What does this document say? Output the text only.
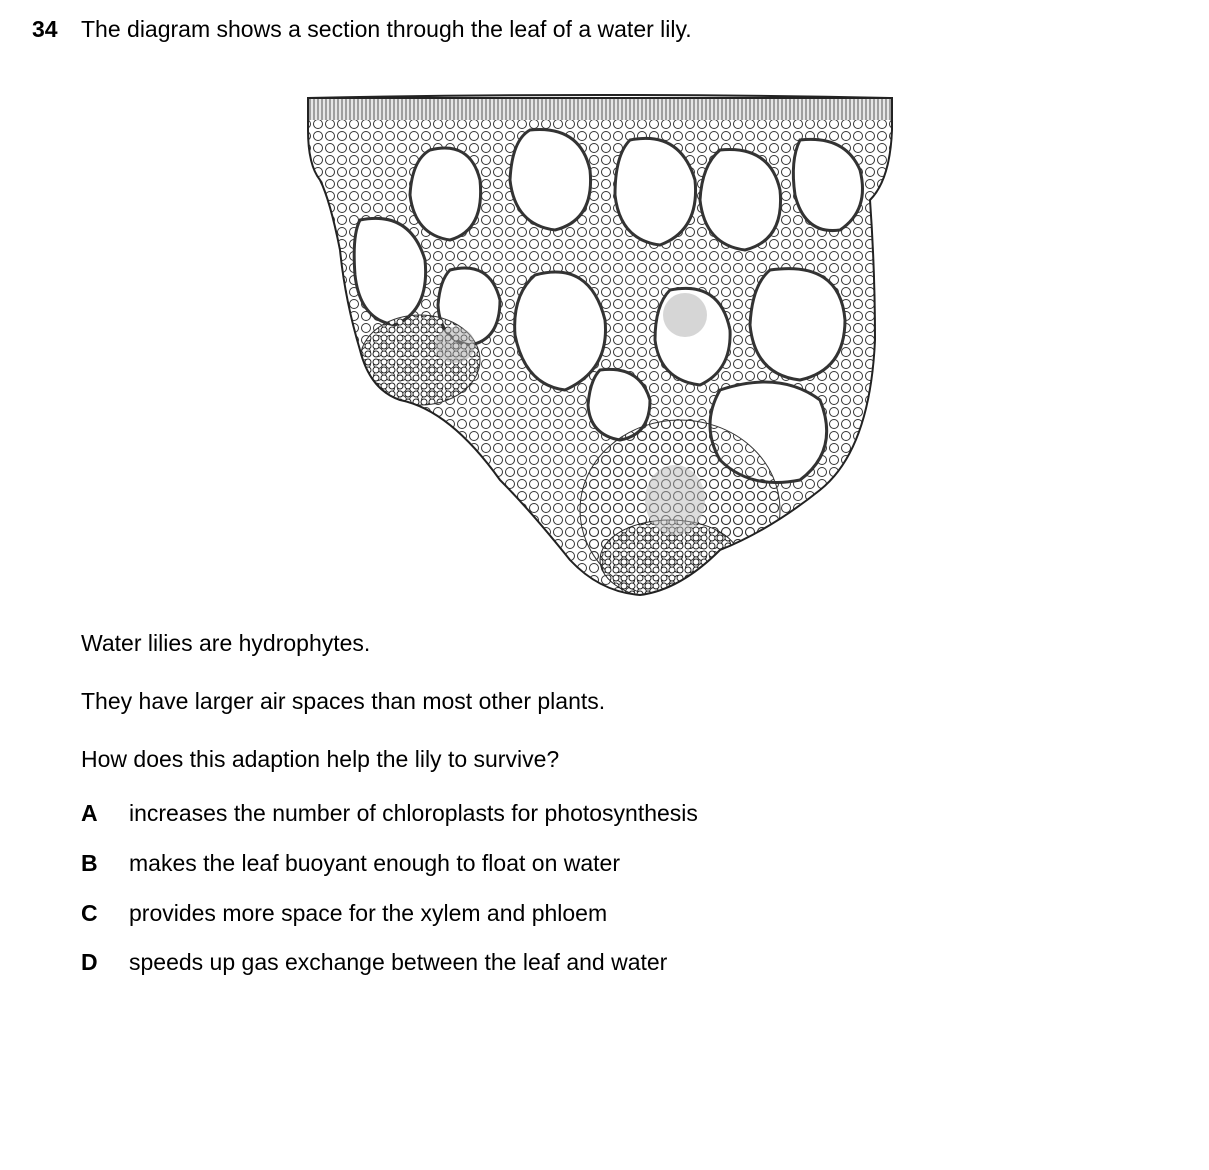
34 The diagram shows a section through the leaf of a water lily.
Water lilies are hydrophytes.
They have larger air spaces than most other plants.
How does this adaption help the lily to survive?
A	increases the number of chloroplasts for photosynthesis
B	makes the leaf buoyant enough to float on water
C	provides more space for the xylem and phloem
D	speeds up gas exchange between the leaf and water
